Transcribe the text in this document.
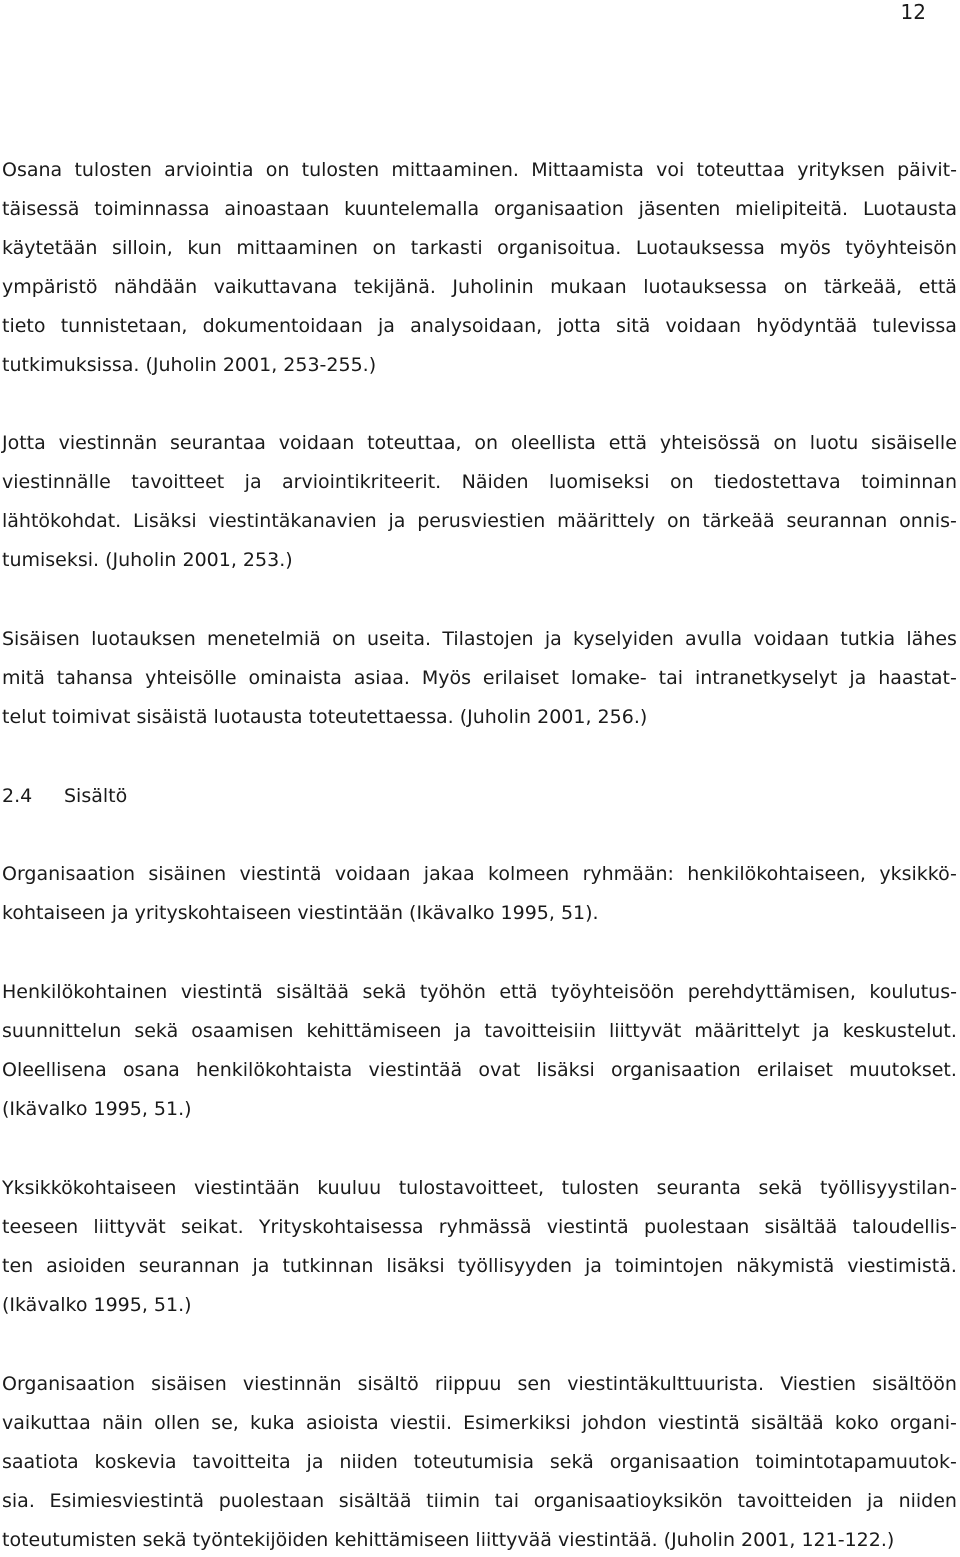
12
Osana tulosten arviointia on tulosten mittaaminen. Mittaamista voi toteuttaa yrityksen päivit-
täisessä toiminnassa ainoastaan kuuntelemalla organisaation jäsenten mielipiteitä. Luotausta
käytetään silloin, kun mittaaminen on tarkasti organisoitua. Luotauksessa myös työyhteisön
ympäristö nähdään vaikuttavana tekijänä. Juholinin mukaan luotauksessa on tärkeää, että
tieto tunnistetaan, dokumentoidaan ja analysoidaan, jotta sitä voidaan hyödyntää tulevissa
tutkimuksissa. (Juholin 2001, 253-255.)
Jotta viestinnän seurantaa voidaan toteuttaa, on oleellista että yhteisössä on luotu sisäiselle
viestinnälle tavoitteet ja arviointikriteerit. Näiden luomiseksi on tiedostettava toiminnan
lähtökohdat. Lisäksi viestintäkanavien ja perusviestien määrittely on tärkeää seurannan onnis-
tumiseksi. (Juholin 2001, 253.)
Sisäisen luotauksen menetelmiä on useita. Tilastojen ja kyselyiden avulla voidaan tutkia lähes
mitä tahansa yhteisölle ominaista asiaa. Myös erilaiset lomake- tai intranetkyselyt ja haastat-
telut toimivat sisäistä luotausta toteutettaessa. (Juholin 2001, 256.)
Organisaation sisäinen viestintä voidaan jakaa kolmeen ryhmään: henkilökohtaiseen, yksikkö-
kohtaiseen ja yrityskohtaiseen viestintään (Ikävalko 1995, 51).
Henkilökohtainen viestintä sisältää sekä työhön että työyhteisöön perehdyttämisen, koulutus-
suunnittelun sekä osaamisen kehittämiseen ja tavoitteisiin liittyvät määrittelyt ja keskustelut.
Oleellisena osana henkilökohtaista viestintää ovat lisäksi organisaation erilaiset muutokset.
(Ikävalko 1995, 51.)
Yksikkökohtaiseen viestintään kuuluu tulostavoitteet, tulosten seuranta sekä työllisyystilan-
teeseen liittyvät seikat. Yrityskohtaisessa ryhmässä viestintä puolestaan sisältää taloudellis-
ten asioiden seurannan ja tutkinnan lisäksi työllisyyden ja toimintojen näkymistä viestimistä.
(Ikävalko 1995, 51.)
Organisaation sisäisen viestinnän sisältö riippuu sen viestintäkulttuurista. Viestien sisältöön
vaikuttaa näin ollen se, kuka asioista viestii. Esimerkiksi johdon viestintä sisältää koko organi-
saatiota koskevia tavoitteita ja niiden toteutumisia sekä organisaation toimintotapamuutok-
sia. Esimiesviestintä puolestaan sisältää tiimin tai organisaatioyksikön tavoitteiden ja niiden
toteutumisten sekä työntekijöiden kehittämiseen liittyvää viestintää. (Juholin 2001, 121-122.)
2.4 Sisältö
